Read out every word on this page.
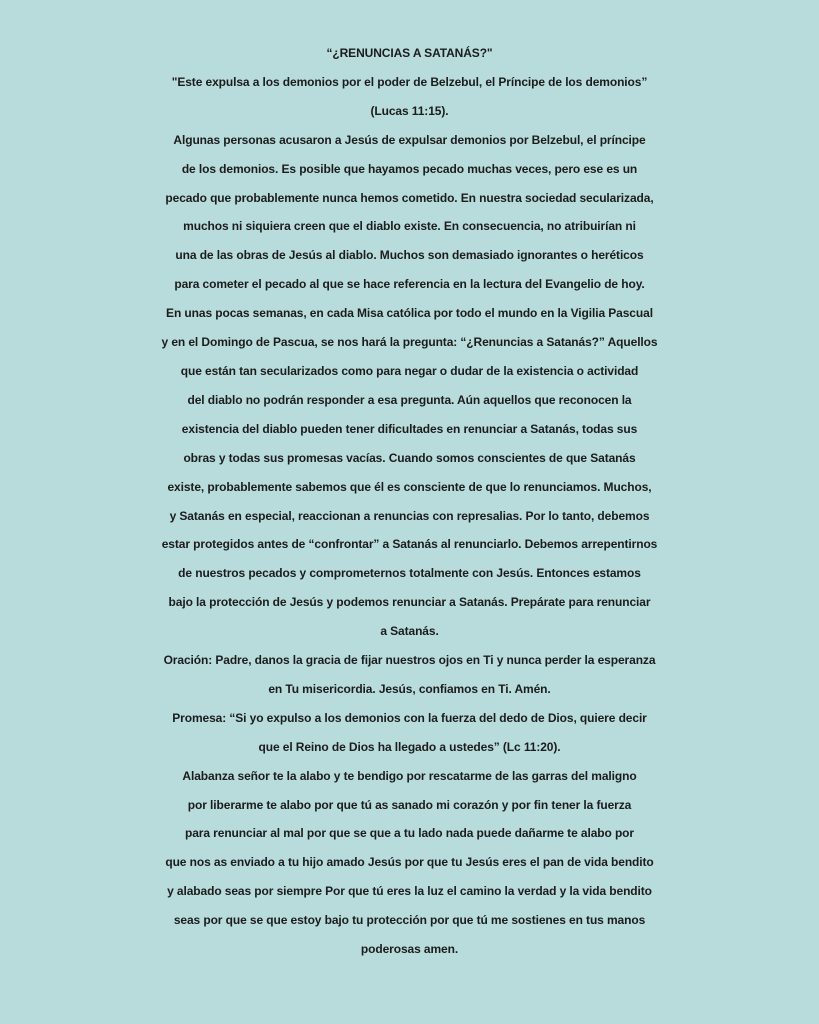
“¿RENUNCIAS A SATANÁS?"
"Este expulsa a los demonios por el poder de Belzebul, el Príncipe de los demonios”
(Lucas 11:15).
Algunas personas acusaron a Jesús de expulsar demonios por Belzebul, el príncipe
de los demonios. Es posible que hayamos pecado muchas veces, pero ese es un
pecado que probablemente nunca hemos cometido. En nuestra sociedad secularizada,
muchos ni siquiera creen que el diablo existe. En consecuencia, no atribuirían ni
una de las obras de Jesús al diablo. Muchos son demasiado ignorantes o heréticos
para cometer el pecado al que se hace referencia en la lectura del Evangelio de hoy.
En unas pocas semanas, en cada Misa católica por todo el mundo en la Vigilia Pascual
y en el Domingo de Pascua, se nos hará la pregunta: “¿Renuncias a Satanás?” Aquellos
que están tan secularizados como para negar o dudar de la existencia o actividad
del diablo no podrán responder a esa pregunta. Aún aquellos que reconocen la
existencia del diablo pueden tener dificultades en renunciar a Satanás, todas sus
obras y todas sus promesas vacías. Cuando somos conscientes de que Satanás
existe, probablemente sabemos que él es consciente de que lo renunciamos. Muchos,
y Satanás en especial, reaccionan a renuncias con represalias. Por lo tanto, debemos
estar protegidos antes de “confrontar” a Satanás al renunciarlo. Debemos arrepentirnos
de nuestros pecados y comprometernos totalmente con Jesús. Entonces estamos
bajo la protección de Jesús y podemos renunciar a Satanás. Prepárate para renunciar
a Satanás.
Oración: Padre, danos la gracia de fijar nuestros ojos en Ti y nunca perder la esperanza
en Tu misericordia. Jesús, confiamos en Ti. Amén.
Promesa: “Si yo expulso a los demonios con la fuerza del dedo de Dios, quiere decir
que el Reino de Dios ha llegado a ustedes” (Lc 11:20).
Alabanza señor te la alabo y te bendigo por rescatarme de las garras del maligno
por liberarme te alabo por que tú as sanado mi corazón y por fin tener la fuerza
para renunciar al mal por que se que a tu lado nada puede dañarme te alabo por
que nos as enviado a tu hijo amado Jesús por que tu Jesús eres el pan de vida bendito
y alabado seas por siempre Por que tú eres la luz el camino la verdad y la vida bendito
seas por que se que estoy bajo tu protección por que tú me sostienes en tus manos
poderosas amen.
